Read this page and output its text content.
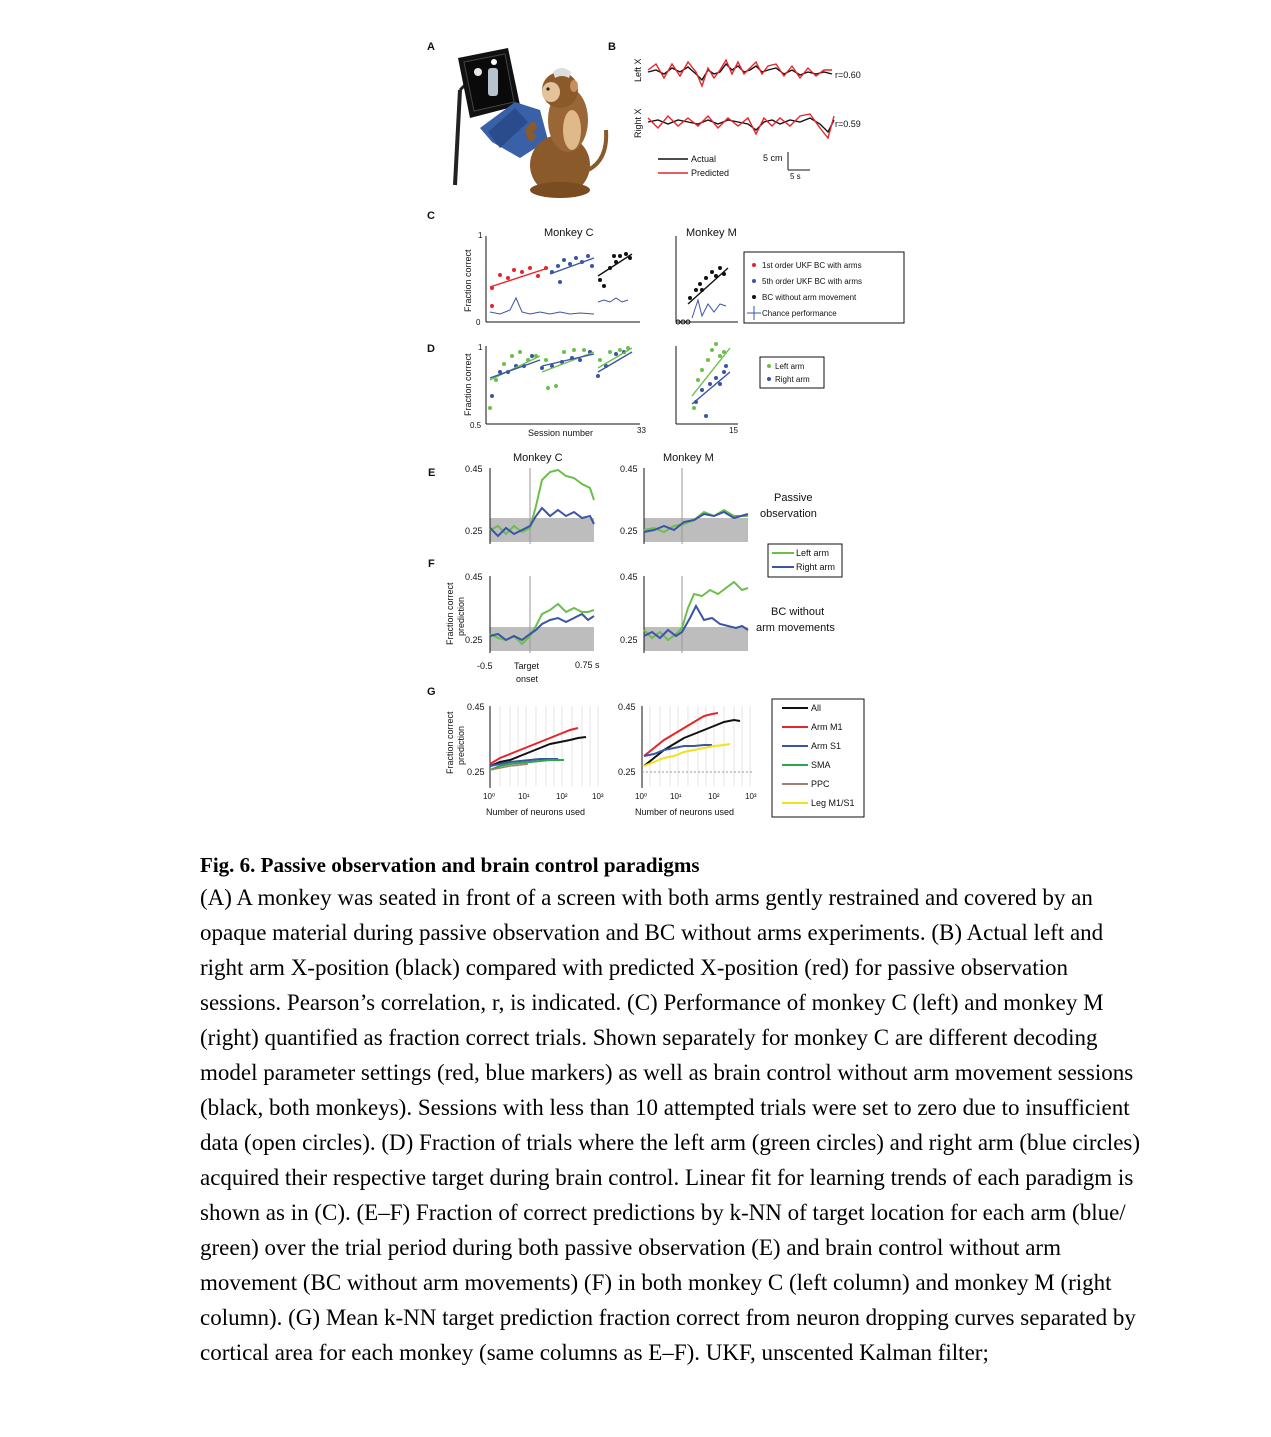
A	B
C
D
E
F
G
Left X
Right X
r=0.60
r=0.59
Actual
Predicted
5 cm
5 s
Monkey C	Monkey M
Fraction correct
1
0
1st order UKF BC with arms
5th order UKF BC with arms
BC without arm movement
Chance performance
Fraction correct
1
0.5
Session number	33	15
Left arm
Right arm
Monkey C	Monkey M
0.45
0.25
0.45
0.25
Passive
observation
Left arm
Right arm
Fraction correct prediction
0.45
0.25
0.45
0.25
BC without
arm movements
-0.5 Target
onset
0.75 s
Fraction correct prediction
0.45
0.25
0.45
0.25
10⁰	10¹	10²	10³	10⁰	10¹	10²	10³
Number of neurons used	Number of neurons used
All
Arm M1
Arm S1
SMA
PPC
Leg M1/S1
Fig. 6. Passive observation and brain control paradigms

(A) A monkey was seated in front of a screen with both arms gently restrained and covered by an opaque material during passive observation and BC without arms experiments. (B) Actual left and right arm X-position (black) compared with predicted X-position (red) for passive observation sessions. Pearson’s correlation, r, is indicated. (C) Performance of monkey C (left) and monkey M (right) quantified as fraction correct trials. Shown separately for monkey C are different decoding model parameter settings (red, blue markers) as well as brain control without arm movement sessions (black, both monkeys). Sessions with less than 10 attempted trials were set to zero due to insufficient data (open circles). (D) Fraction of trials where the left arm (green circles) and right arm (blue circles) acquired their respective target during brain control. Linear fit for learning trends of each paradigm is shown as in (C). (E–F) Fraction of correct predictions by k-NN of target location for each arm (blue/ green) over the trial period during both passive observation (E) and brain control without arm movement (BC without arm movements) (F) in both monkey C (left column) and monkey M (right column). (G) Mean k-NN target prediction fraction correct from neuron dropping curves separated by cortical area for each monkey (same columns as E–F). UKF, unscented Kalman filter;
